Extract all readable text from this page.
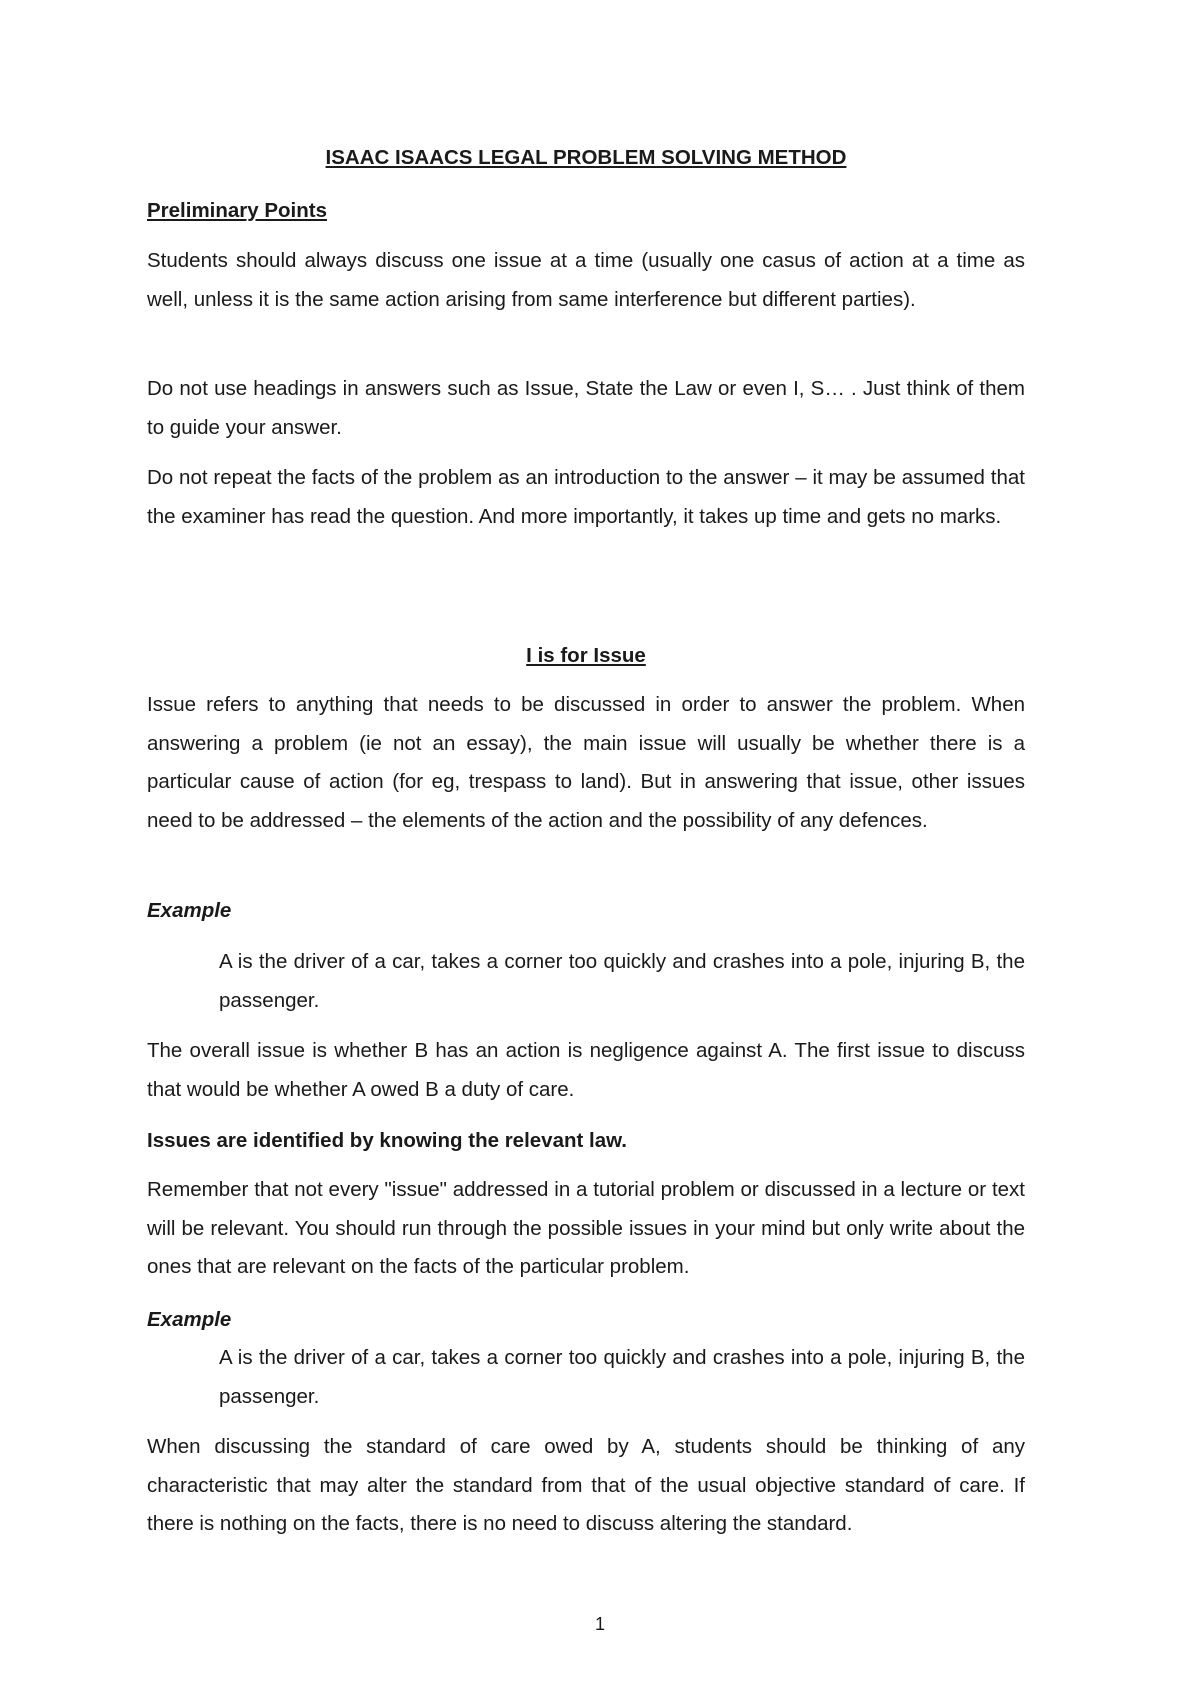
ISAAC ISAACS LEGAL PROBLEM SOLVING METHOD

Preliminary Points

Students should always discuss one issue at a time (usually one casus of action at a time as well, unless it is the same action arising from same interference but different parties).

Do not use headings in answers such as Issue, State the Law or even I, S… . Just think of them to guide your answer.

Do not repeat the facts of the problem as an introduction to the answer – it may be assumed that the examiner has read the question. And more importantly, it takes up time and gets no marks.

I is for Issue

Issue refers to anything that needs to be discussed in order to answer the problem. When answering a problem (ie not an essay), the main issue will usually be whether there is a particular cause of action (for eg, trespass to land). But in answering that issue, other issues need to be addressed – the elements of the action and the possibility of any defences.

Example

A is the driver of a car, takes a corner too quickly and crashes into a pole, injuring B, the passenger.

The overall issue is whether B has an action is negligence against A. The first issue to discuss that would be whether A owed B a duty of care.

Issues are identified by knowing the relevant law.

Remember that not every "issue" addressed in a tutorial problem or discussed in a lecture or text will be relevant. You should run through the possible issues in your mind but only write about the ones that are relevant on the facts of the particular problem.

Example

A is the driver of a car, takes a corner too quickly and crashes into a pole, injuring B, the passenger.

When discussing the standard of care owed by A, students should be thinking of any characteristic that may alter the standard from that of the usual objective standard of care. If there is nothing on the facts, there is no need to discuss altering the standard.

1
